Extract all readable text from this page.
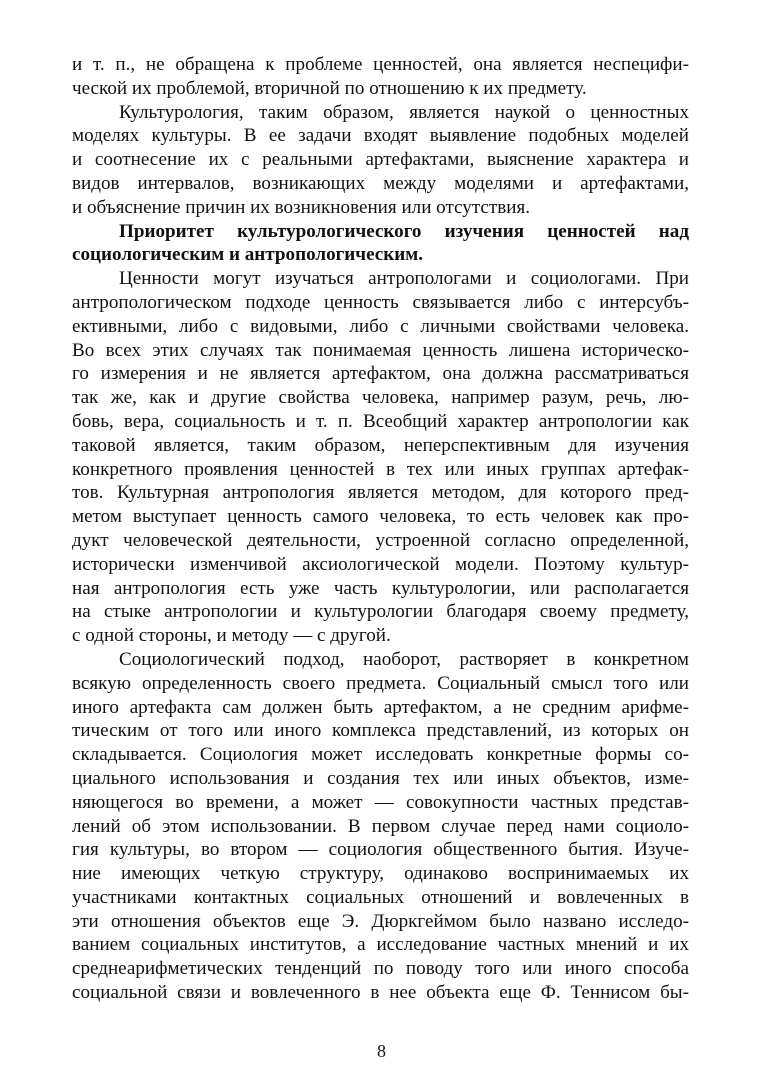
и т. п., не обращена к проблеме ценностей, она является неспецифи-
ческой их проблемой, вторичной по отношению к их предмету.
Культурология, таким образом, является наукой о ценностных
моделях культуры. В ее задачи входят выявление подобных моделей
и соотнесение их с реальными артефактами, выяснение характера и
видов интервалов, возникающих между моделями и артефактами,
и объяснение причин их возникновения или отсутствия.
Приоритет культурологического изучения ценностей над
социологическим и антропологическим.
Ценности могут изучаться антропологами и социологами. При
антропологическом подходе ценность связывается либо с интерсубъ-
ективными, либо с видовыми, либо с личными свойствами человека.
Во всех этих случаях так понимаемая ценность лишена историческо-
го измерения и не является артефактом, она должна рассматриваться
так же, как и другие свойства человека, например разум, речь, лю-
бовь, вера, социальность и т. п. Всеобщий характер антропологии как
таковой является, таким образом, неперспективным для изучения
конкретного проявления ценностей в тех или иных группах артефак-
тов. Культурная антропология является методом, для которого пред-
метом выступает ценность самого человека, то есть человек как про-
дукт человеческой деятельности, устроенной согласно определенной,
исторически изменчивой аксиологической модели. Поэтому культур-
ная антропология есть уже часть культурологии, или располагается
на стыке антропологии и культурологии благодаря своему предмету,
с одной стороны, и методу — с другой.
Социологический подход, наоборот, растворяет в конкретном
всякую определенность своего предмета. Социальный смысл того или
иного артефакта сам должен быть артефактом, а не средним арифме-
тическим от того или иного комплекса представлений, из которых он
складывается. Социология может исследовать конкретные формы со-
циального использования и создания тех или иных объектов, изме-
няющегося во времени, а может — совокупности частных представ-
лений об этом использовании. В первом случае перед нами социоло-
гия культуры, во втором — социология общественного бытия. Изуче-
ние имеющих четкую структуру, одинаково воспринимаемых их
участниками контактных социальных отношений и вовлеченных в
эти отношения объектов еще Э. Дюркгеймом было названо исследо-
ванием социальных институтов, а исследование частных мнений и их
среднеарифметических тенденций по поводу того или иного способа
социальной связи и вовлеченного в нее объекта еще Ф. Теннисом бы-
8
